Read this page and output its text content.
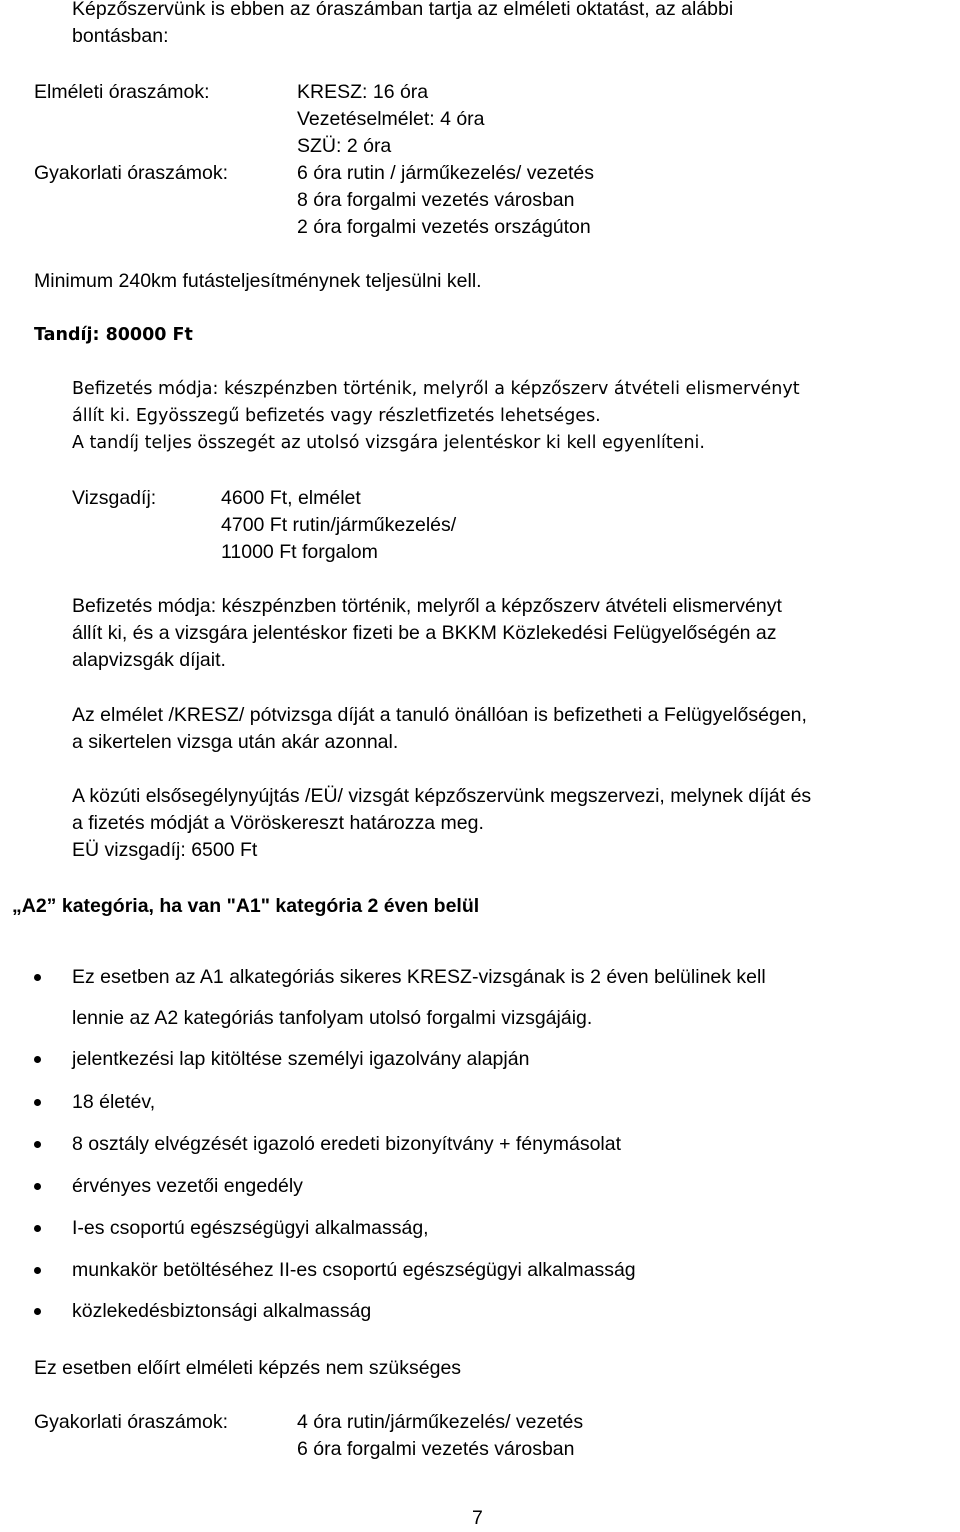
Képzőszervünk is ebben az óraszámban tartja az elméleti oktatást, az alábbi
bontásban:
Elméleti óraszámok:	KRESZ: 16 óra
Vezetéselmélet: 4 óra
SZÜ: 2 óra
Gyakorlati óraszámok:	6 óra rutin / járműkezelés/ vezetés
8 óra forgalmi vezetés városban
2 óra forgalmi vezetés országúton
Minimum 240km futásteljesítménynek teljesülni kell.
Tandíj: 80000 Ft
Befizetés módja: készpénzben történik, melyről a képzőszerv átvételi elismervényt
állít ki. Egyösszegű befizetés vagy részletfizetés lehetséges.
A tandíj teljes összegét az utolsó vizsgára jelentéskor ki kell egyenlíteni.
Vizsgadíj:	4600 Ft, elmélet
4700 Ft rutin/járműkezelés/
11000 Ft forgalom
Befizetés módja: készpénzben történik, melyről a képzőszerv átvételi elismervényt
állít ki, és a vizsgára jelentéskor fizeti be a BKKM Közlekedési Felügyelőségén az
alapvizsgák díjait.
Az elmélet /KRESZ/ pótvizsga díját a tanuló önállóan is befizetheti a Felügyelőségen,
a sikertelen vizsga után akár azonnal.
A közúti elsősegélynyújtás /EÜ/ vizsgát képzőszervünk megszervezi, melynek díját és
a fizetés módját a Vöröskereszt határozza meg.
EÜ vizsgadíj: 6500 Ft
„A2” kategória, ha van "A1" kategória 2 éven belül
Ez esetben az A1 alkategóriás sikeres KRESZ-vizsgának is 2 éven belülinek kell
lennie az A2 kategóriás tanfolyam utolsó forgalmi vizsgájáig.
jelentkezési lap kitöltése személyi igazolvány alapján
18 életév,
8 osztály elvégzését igazoló eredeti bizonyítvány + fénymásolat
érvényes vezetői engedély
I-es csoportú egészségügyi alkalmasság,
munkakör betöltéséhez II-es csoportú egészségügyi alkalmasság
közlekedésbiztonsági alkalmasság
Ez esetben előírt elméleti képzés nem szükséges
Gyakorlati óraszámok:	4 óra rutin/járműkezelés/ vezetés
6 óra forgalmi vezetés városban
7
